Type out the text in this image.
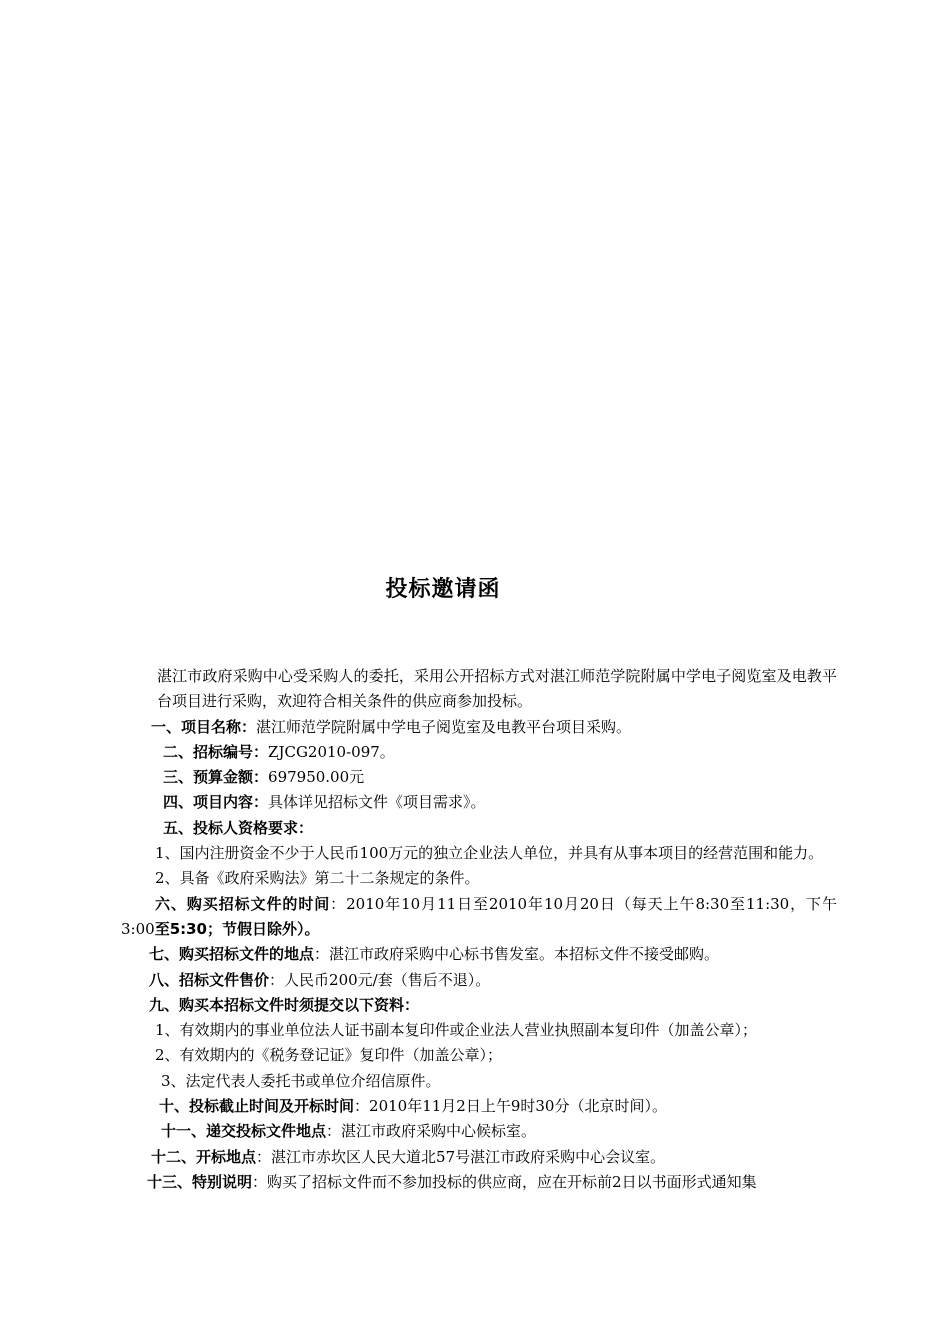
投标邀请函

湛江市政府采购中心受采购人的委托，采用公开招标方式对湛江师范学院附属中学电子阅览室及电教平台项目进行采购，欢迎符合相关条件的供应商参加投标。

一、项目名称：湛江师范学院附属中学电子阅览室及电教平台项目采购。

二、招标编号：ZJCG2010-097。

三、预算金额：697950.00元

四、项目内容：具体详见招标文件《项目需求》。

五、投标人资格要求：

1、国内注册资金不少于人民币100万元的独立企业法人单位，并具有从事本项目的经营范围和能力。

2、具备《政府采购法》第二十二条规定的条件。

六、购买招标文件的时间：2010年10月11日至2010年10月20日（每天上午8:30至11:30，下午3:00至5:30；节假日除外）。

七、购买招标文件的地点：湛江市政府采购中心标书售发室。本招标文件不接受邮购。

八、招标文件售价：人民币200元/套（售后不退）。

九、购买本招标文件时须提交以下资料：

1、有效期内的事业单位法人证书副本复印件或企业法人营业执照副本复印件（加盖公章）；

2、有效期内的《税务登记证》复印件（加盖公章）；

3、法定代表人委托书或单位介绍信原件。

十、投标截止时间及开标时间：2010年11月2日上午9时30分（北京时间）。

十一、递交投标文件地点：湛江市政府采购中心候标室。

十二、开标地点：湛江市赤坎区人民大道北57号湛江市政府采购中心会议室。

十三、特别说明：购买了招标文件而不参加投标的供应商，应在开标前2日以书面形式通知集
